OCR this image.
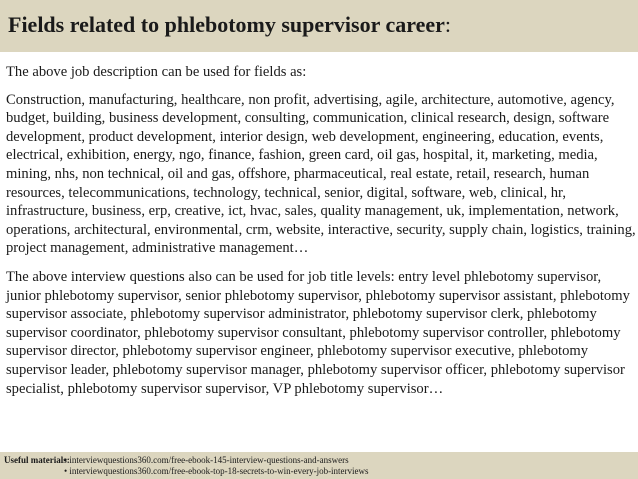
Fields related to phlebotomy supervisor career:

The above job description can be used for fields as:

Construction, manufacturing, healthcare, non profit, advertising, agile, architecture, automotive, agency, budget, building, business development, consulting, communication, clinical research, design, software development, product development, interior design, web development, engineering, education, events, electrical, exhibition, energy, ngo, finance, fashion, green card, oil gas, hospital, it, marketing, media, mining, nhs, non technical, oil and gas, offshore, pharmaceutical, real estate, retail, research, human resources, telecommunications, technology, technical, senior, digital, software, web, clinical, hr, infrastructure, business, erp, creative, ict, hvac, sales, quality management, uk, implementation, network, operations, architectural, environmental, crm, website, interactive, security, supply chain, logistics, training, project management, administrative management…

The above interview questions also can be used for job title levels: entry level phlebotomy supervisor, junior phlebotomy supervisor, senior phlebotomy supervisor, phlebotomy supervisor assistant, phlebotomy supervisor associate, phlebotomy supervisor administrator, phlebotomy supervisor clerk, phlebotomy supervisor coordinator, phlebotomy supervisor consultant, phlebotomy supervisor controller, phlebotomy supervisor director, phlebotomy supervisor engineer, phlebotomy supervisor executive, phlebotomy supervisor leader, phlebotomy supervisor manager, phlebotomy supervisor officer, phlebotomy supervisor specialist, phlebotomy supervisor supervisor, VP phlebotomy supervisor…

Useful materials:
• interviewquestions360.com/free-ebook-145-interview-questions-and-answers
• interviewquestions360.com/free-ebook-top-18-secrets-to-win-every-job-interviews
